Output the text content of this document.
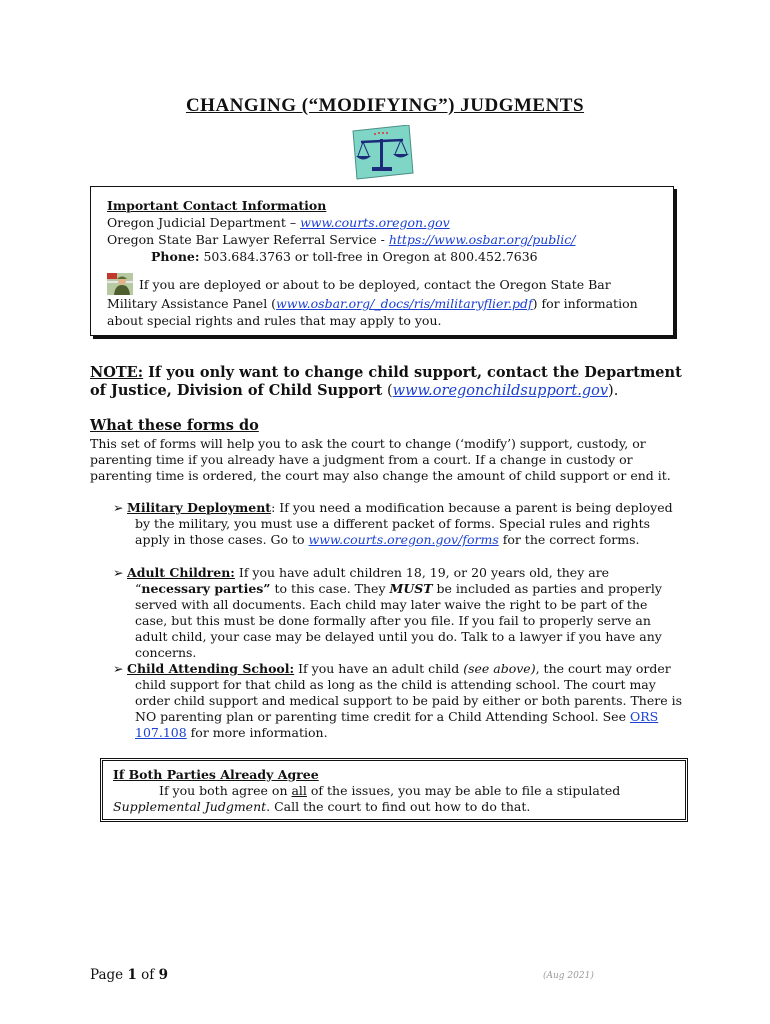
CHANGING (“MODIFYING”) JUDGMENTS
Important Contact Information
Oregon Judicial Department – www.courts.oregon.gov
Oregon State Bar Lawyer Referral Service - https://www.osbar.org/public/
Phone: 503.684.3763 or toll-free in Oregon at 800.452.7636
If you are deployed or about to be deployed, contact the Oregon State Bar Military Assistance Panel (www.osbar.org/_docs/ris/militaryflier.pdf) for information about special rights and rules that may apply to you.
NOTE: If you only want to change child support, contact the Department of Justice, Division of Child Support (www.oregonchildsupport.gov).
What these forms do
This set of forms will help you to ask the court to change (‘modify’) support, custody, or parenting time if you already have a judgment from a court. If a change in custody or parenting time is ordered, the court may also change the amount of child support or end it.
➢ Military Deployment: If you need a modification because a parent is being deployed by the military, you must use a different packet of forms. Special rules and rights apply in those cases. Go to www.courts.oregon.gov/forms for the correct forms.
➢ Adult Children: If you have adult children 18, 19, or 20 years old, they are “necessary parties” to this case. They MUST be included as parties and properly served with all documents. Each child may later waive the right to be part of the case, but this must be done formally after you file. If you fail to properly serve an adult child, your case may be delayed until you do. Talk to a lawyer if you have any concerns.
➢ Child Attending School: If you have an adult child (see above), the court may order child support for that child as long as the child is attending school. The court may order child support and medical support to be paid by either or both parents. There is NO parenting plan or parenting time credit for a Child Attending School. See ORS 107.108 for more information.
If Both Parties Already Agree
If you both agree on all of the issues, you may be able to file a stipulated
Supplemental Judgment. Call the court to find out how to do that.
Page 1 of 9	(Aug 2021)
